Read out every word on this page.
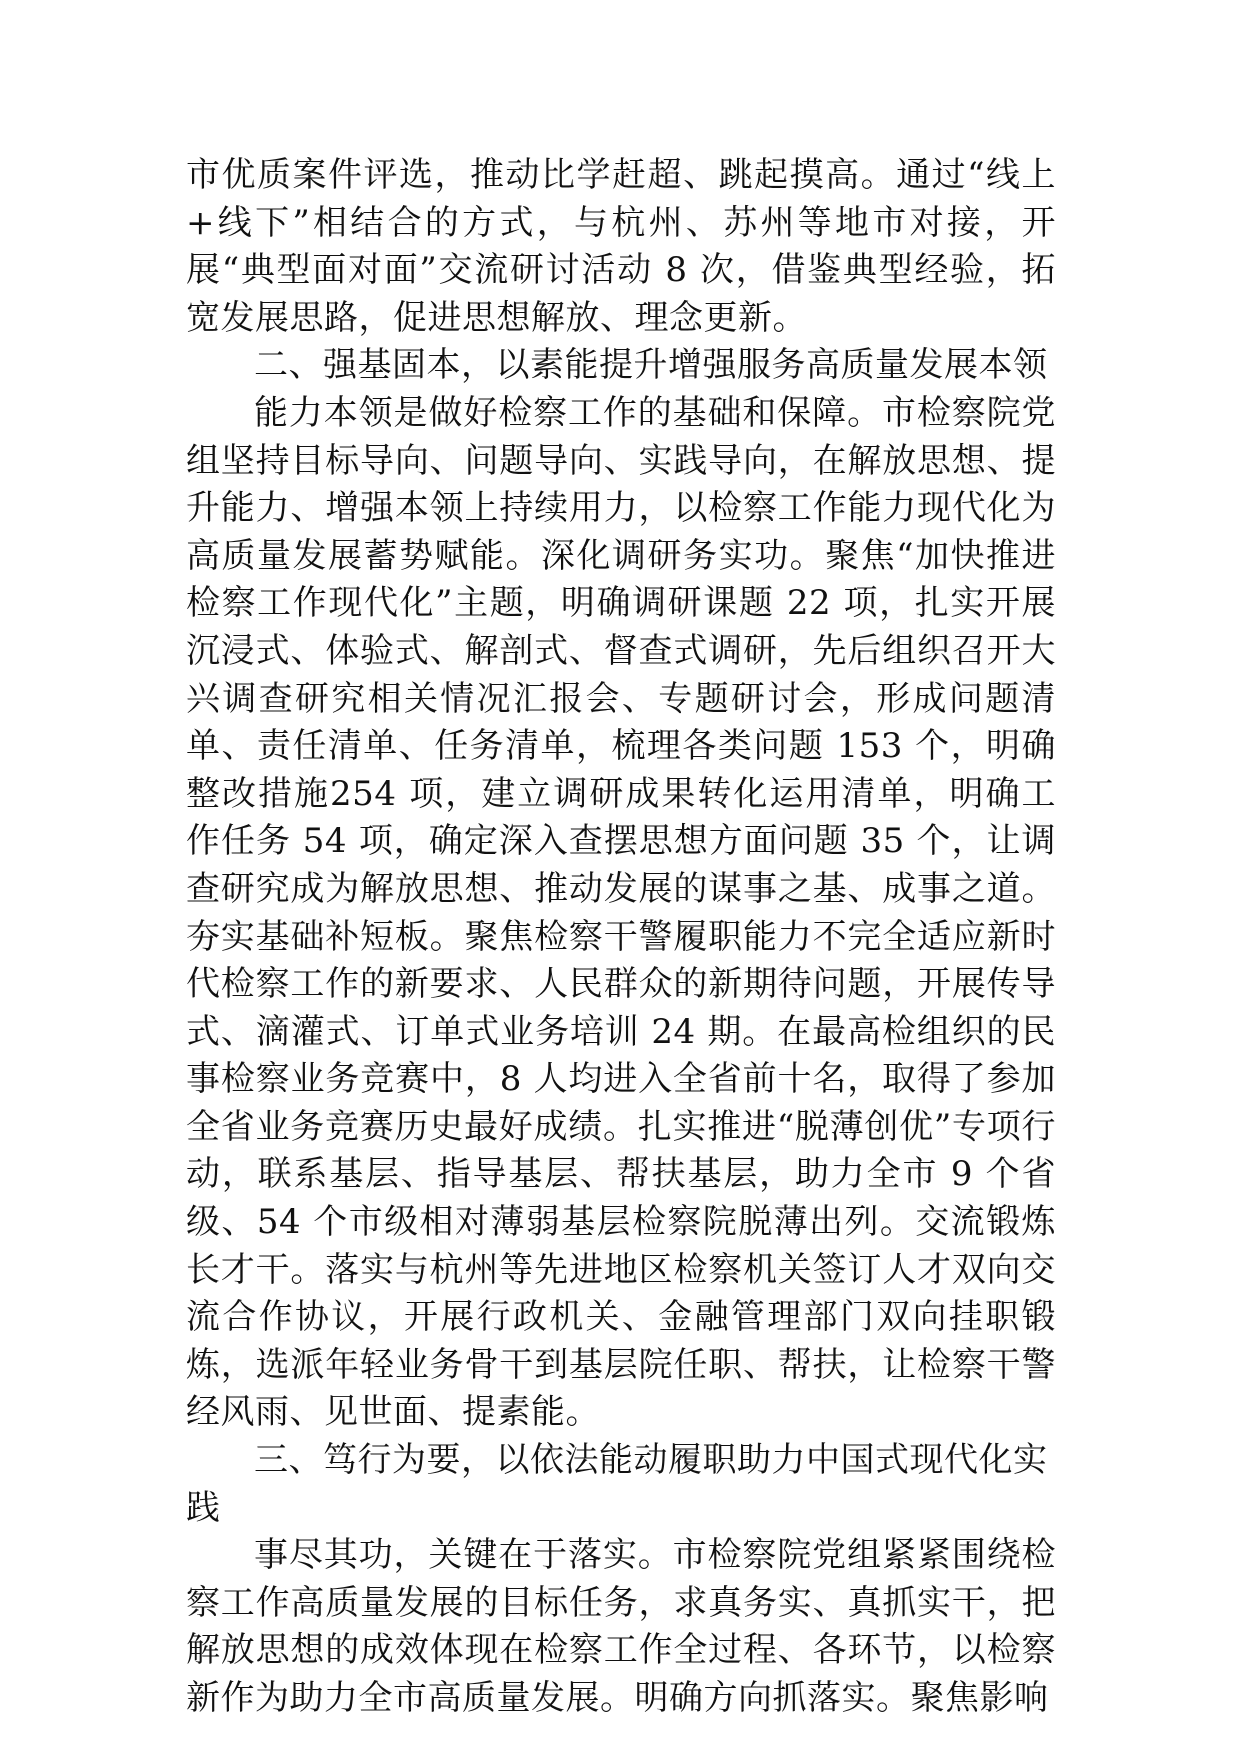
市优质案件评选，推动比学赶超、跳起摸高。通过“线上+线下”相结合的方式，与杭州、苏州等地市对接，开展“典型面对面”交流研讨活动 8 次，借鉴典型经验，拓宽发展思路，促进思想解放、理念更新。

二、强基固本，以素能提升增强服务高质量发展本领

能力本领是做好检察工作的基础和保障。市检察院党组坚持目标导向、问题导向、实践导向，在解放思想、提升能力、增强本领上持续用力，以检察工作能力现代化为高质量发展蓄势赋能。深化调研务实功。聚焦“加快推进检察工作现代化”主题，明确调研课题 22 项，扎实开展沉浸式、体验式、解剖式、督查式调研，先后组织召开大兴调查研究相关情况汇报会、专题研讨会，形成问题清单、责任清单、任务清单，梳理各类问题 153 个，明确整改措施254 项，建立调研成果转化运用清单，明确工作任务 54 项，确定深入查摆思想方面问题 35 个，让调查研究成为解放思想、推动发展的谋事之基、成事之道。夯实基础补短板。聚焦检察干警履职能力不完全适应新时代检察工作的新要求、人民群众的新期待问题，开展传导式、滴灌式、订单式业务培训 24 期。在最高检组织的民事检察业务竞赛中，8 人均进入全省前十名，取得了参加全省业务竞赛历史最好成绩。扎实推进“脱薄创优”专项行动，联系基层、指导基层、帮扶基层，助力全市 9 个省级、54 个市级相对薄弱基层检察院脱薄出列。交流锻炼长才干。落实与杭州等先进地区检察机关签订人才双向交流合作协议，开展行政机关、金融管理部门双向挂职锻炼，选派年轻业务骨干到基层院任职、帮扶，让检察干警经风雨、见世面、提素能。

三、笃行为要，以依法能动履职助力中国式现代化实践

事尽其功，关键在于落实。市检察院党组紧紧围绕检察工作高质量发展的目标任务，求真务实、真抓实干，把解放思想的成效体现在检察工作全过程、各环节，以检察新作为助力全市高质量发展。明确方向抓落实。聚焦影响
